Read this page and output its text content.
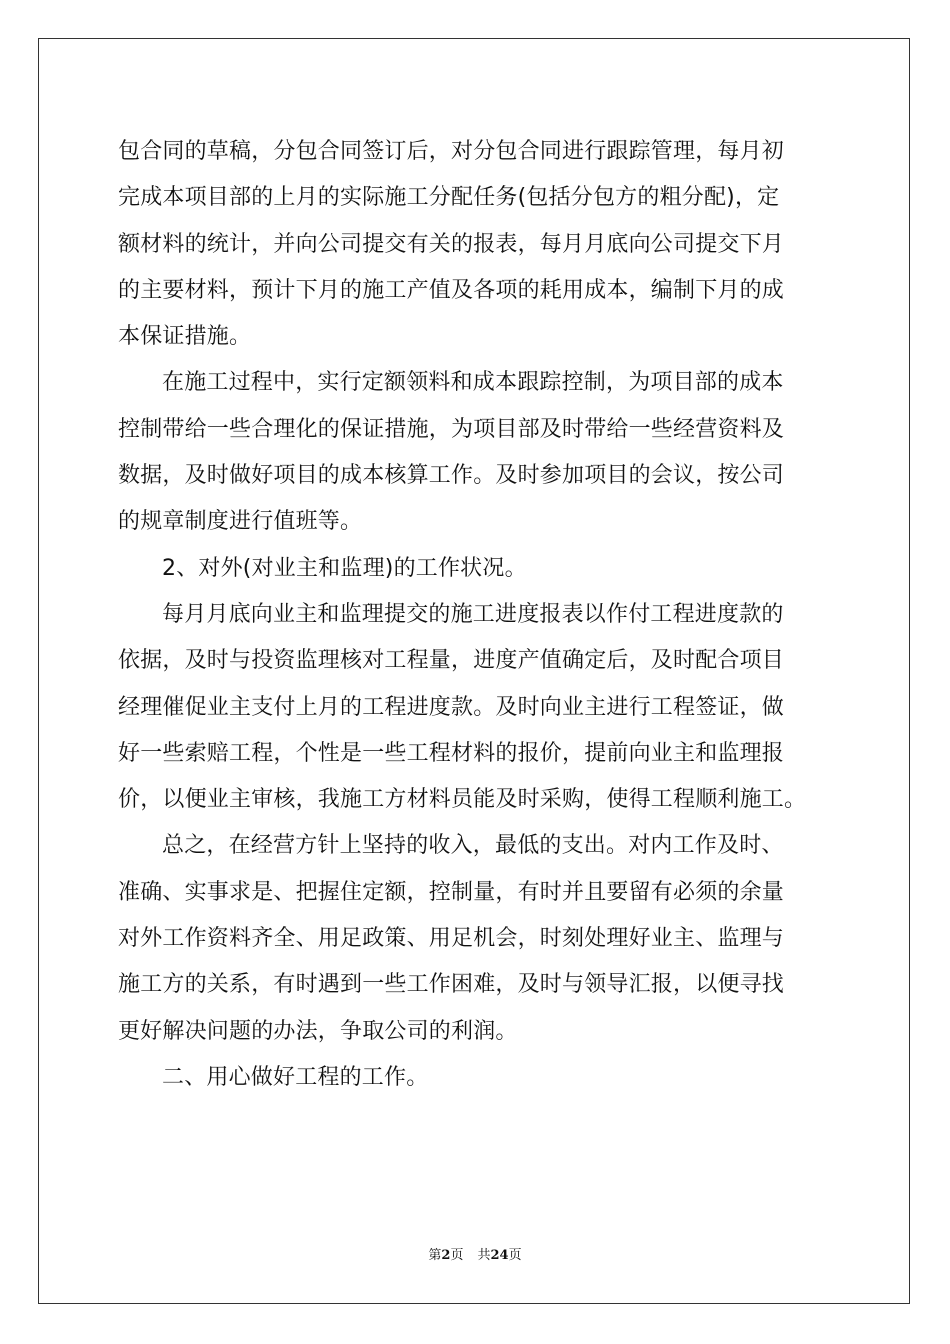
包合同的草稿，分包合同签订后，对分包合同进行跟踪管理，每月初
完成本项目部的上月的实际施工分配任务(包括分包方的粗分配)，定
额材料的统计，并向公司提交有关的报表，每月月底向公司提交下月
的主要材料，预计下月的施工产值及各项的耗用成本，编制下月的成
本保证措施。
在施工过程中，实行定额领料和成本跟踪控制，为项目部的成本
控制带给一些合理化的保证措施，为项目部及时带给一些经营资料及
数据，及时做好项目的成本核算工作。及时参加项目的会议，按公司
的规章制度进行值班等。
2、对外(对业主和监理)的工作状况。
每月月底向业主和监理提交的施工进度报表以作付工程进度款的
依据，及时与投资监理核对工程量，进度产值确定后，及时配合项目
经理催促业主支付上月的工程进度款。及时向业主进行工程签证，做
好一些索赔工程，个性是一些工程材料的报价，提前向业主和监理报
价，以便业主审核，我施工方材料员能及时采购，使得工程顺利施工。
总之，在经营方针上坚持的收入，最低的支出。对内工作及时、
准确、实事求是、把握住定额，控制量，有时并且要留有必须的余量
对外工作资料齐全、用足政策、用足机会，时刻处理好业主、监理与
施工方的关系，有时遇到一些工作困难，及时与领导汇报，以便寻找
更好解决问题的办法，争取公司的利润。
二、用心做好工程的工作。
第2页 共24页
